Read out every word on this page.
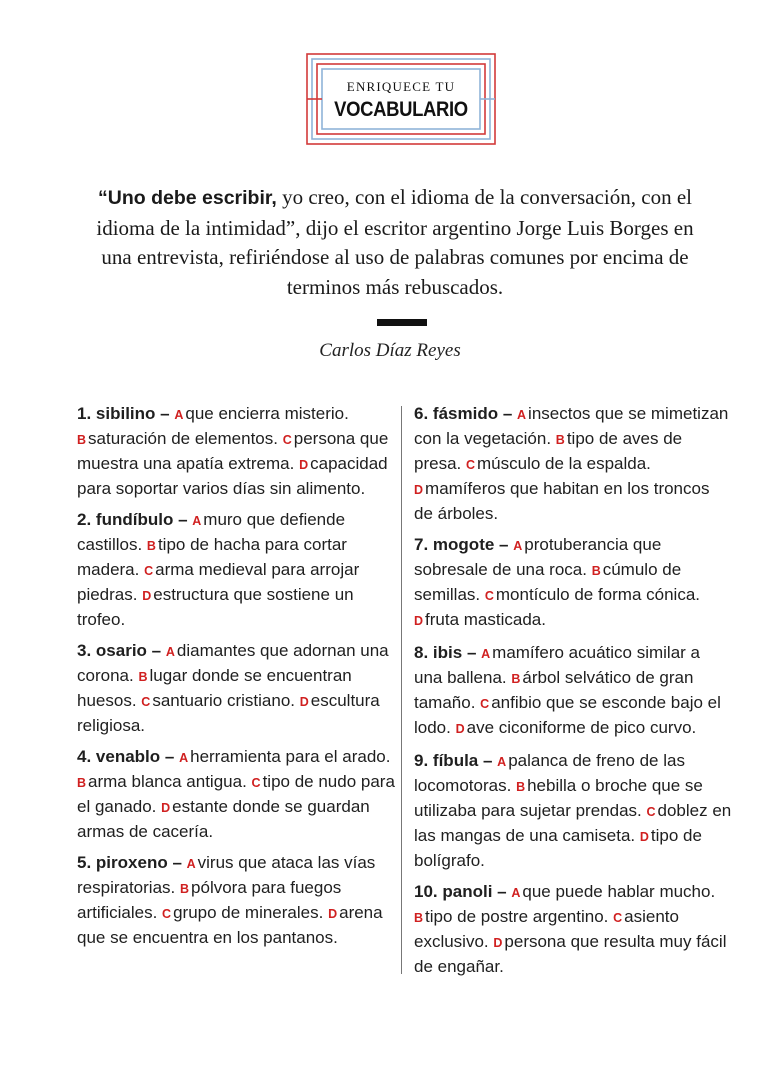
ENRIQUECE TU
VOCABULARIO
“Uno debe escribir, yo creo, con el idioma de la conversación, con el idioma de la intimidad”, dijo el escritor argentino Jorge Luis Borges en una entrevista, refiriéndose al uso de palabras comunes por encima de terminos más rebuscados.
Carlos Díaz Reyes

1. sibilino – A que encierra misterio. B saturación de elementos. C persona que muestra una apatía extrema. D capacidad para soportar varios días sin alimento.

2. fundíbulo – A muro que defiende castillos. B tipo de hacha para cortar madera. C arma medieval para arrojar piedras. D estructura que sostiene un trofeo.

3. osario – A diamantes que adornan una corona. B lugar donde se encuentran huesos. C santuario cristiano. D escultura religiosa.

4. venablo – A herramienta para el arado. B arma blanca antigua. C tipo de nudo para el ganado. D estante donde se guardan armas de cacería.

5. piroxeno – A virus que ataca las vías respiratorias. B pólvora para fuegos artificiales. C grupo de minerales. D arena que se encuentra en los pantanos.

6. fásmido – A insectos que se mimetizan con la vegetación. B tipo de aves de presa. C músculo de la espalda. D mamíferos que habitan en los troncos de árboles.

7. mogote – A protuberancia que sobresale de una roca. B cúmulo de semillas. C montículo de forma cónica. D fruta masticada.

8. ibis – A mamífero acuático similar a una ballena. B árbol selvático de gran tamaño. C anfibio que se esconde bajo el lodo. D ave ciconiforme de pico curvo.

9. fíbula – A palanca de freno de las locomotoras. B hebilla o broche que se utilizaba para sujetar prendas. C doblez en las mangas de una camiseta. D tipo de bolígrafo.

10. panoli – A que puede hablar mucho. B tipo de postre argentino. C asiento exclusivo. D persona que resulta muy fácil de engañar.
